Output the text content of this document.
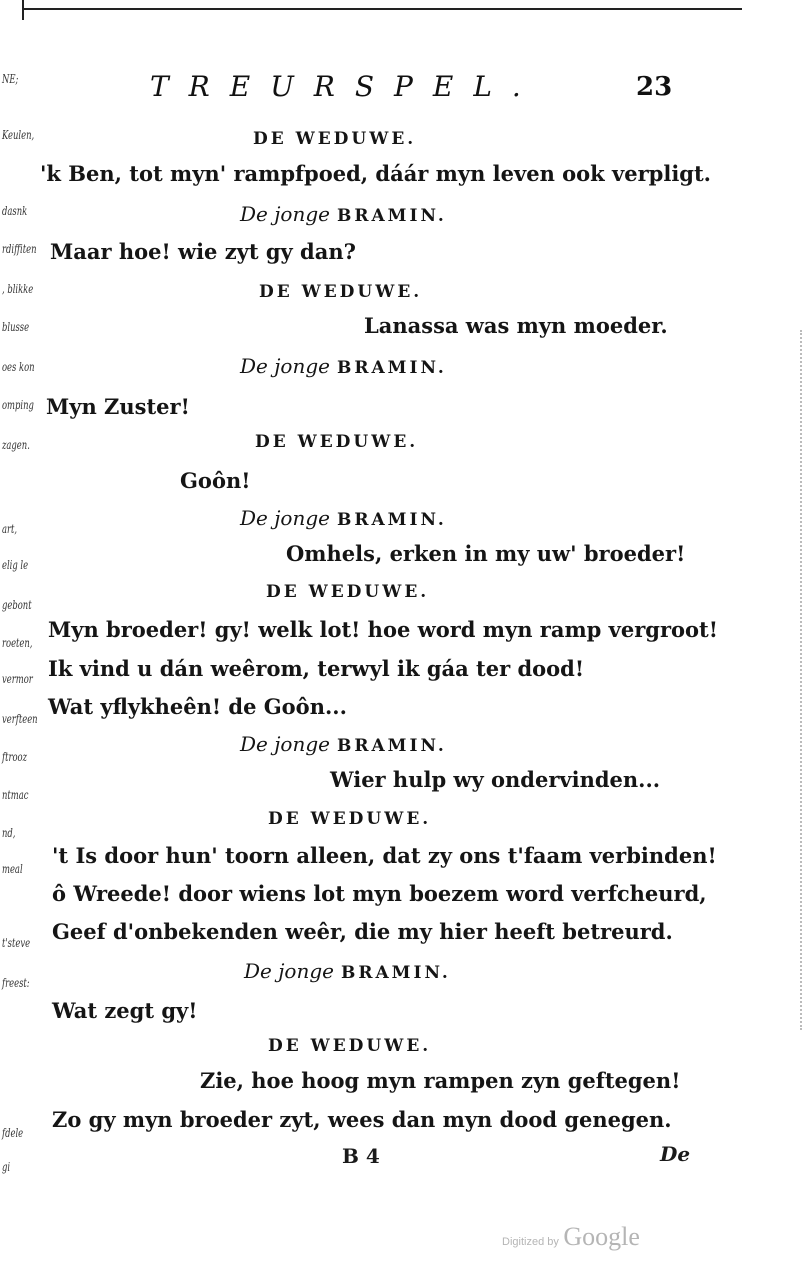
NE;
Keulen,
dasnk
rdiffiten
, blikke
blusse
oes kon
omping
zagen.
art,
elig le
gebont
roeten,
vermor
verfteen
ftrooz
ntmac
nd,
meal
t'steve
freest:
fdele
gi
TREURSPEL.	23
DE WEDUWE.
'k Ben, tot myn' rampfpoed, dáár myn leven ook verpligt.
De jonge BRAMIN.
Maar hoe! wie zyt gy dan?
DE WEDUWE.
Lanassa was myn moeder.
De jonge BRAMIN.
Myn Zuster!
DE WEDUWE.
Goôn!
De jonge BRAMIN.
Omhels, erken in my uw' broeder!
DE WEDUWE.
Myn broeder! gy! welk lot! hoe word myn ramp vergroot!
Ik vind u dán weêrom, terwyl ik gáa ter dood!
Wat yflykheên! de Goôn...
De jonge BRAMIN.
Wier hulp wy ondervinden...
DE WEDUWE.
't Is door hun' toorn alleen, dat zy ons t'faam verbinden!
ô Wreede! door wiens lot myn boezem word verfcheurd,
Geef d'onbekenden weêr, die my hier heeft betreurd.
De jonge BRAMIN.
Wat zegt gy!
DE WEDUWE.
Zie, hoe hoog myn rampen zyn geftegen!
Zo gy myn broeder zyt, wees dan myn dood genegen.
B 4	De
Digitized by Google
